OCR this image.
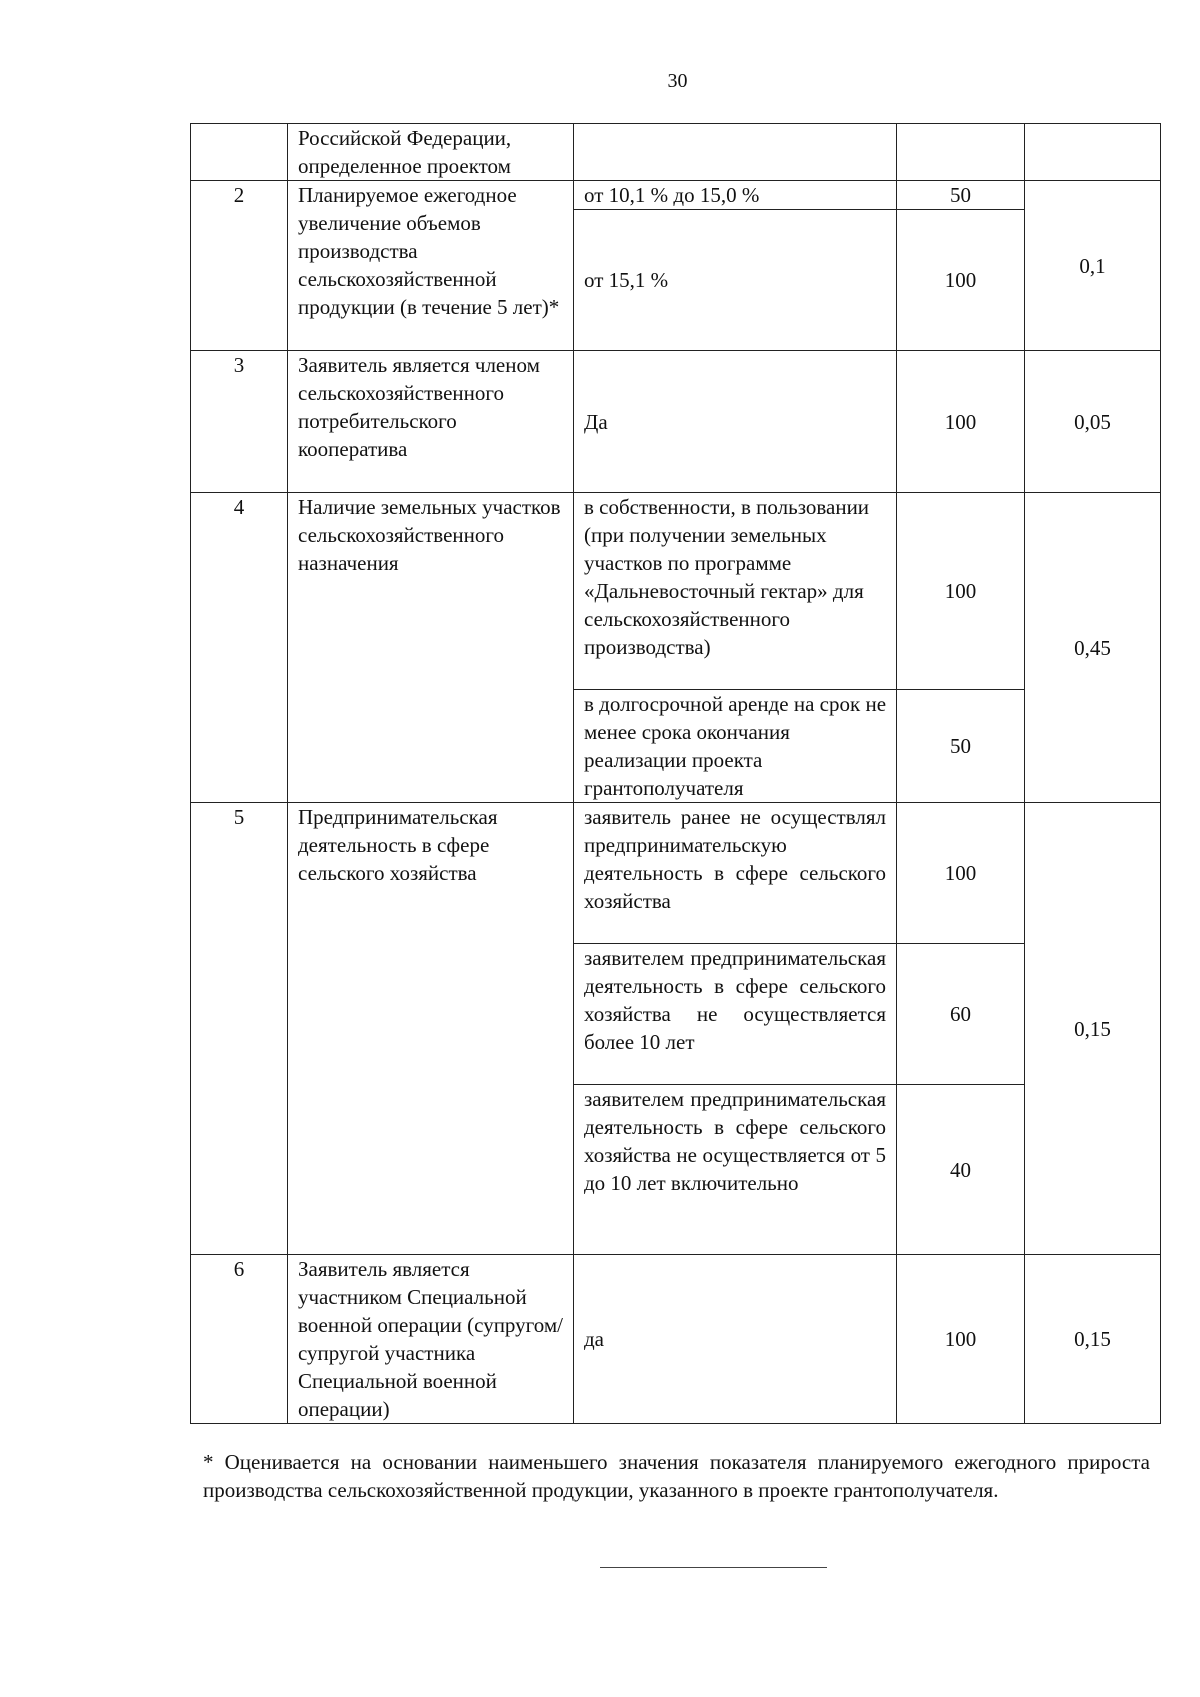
30
	Российской Федерации, определенное проектом			
2	Планируемое ежегодное увеличение объемов производства сельскохозяйственной продукции (в течение 5 лет)*	от 10,1 % до 15,0 %	50	0,1
		от 15,1 %	100	
3	Заявитель является членом сельскохозяйственного потребительского кооператива	Да	100	0,05
4	Наличие земельных участков сельскохозяйственного назначения	в собственности, в пользовании (при получении земельных участков по программе «Дальневосточный гектар» для сельскохозяйственного производства)	100	0,45
		в долгосрочной аренде на срок не менее срока окончания реализации проекта грантополучателя	50	
5	Предпринимательская деятельность в сфере сельского хозяйства	заявитель ранее не осуществлял предпринимательскую деятельность в сфере сельского хозяйства	100	0,15
		заявителем предпринимательская деятельность в сфере сельского хозяйства не осуществляется более 10 лет	60	
		заявителем предпринимательская деятельность в сфере сельского хозяйства не осуществляется от 5 до 10 лет включительно	40	
6	Заявитель является участником Специальной военной операции (супругом/супругой участника Специальной военной операции)	да	100	0,15
* Оценивается на основании наименьшего значения показателя планируемого ежегодного прироста производства сельскохозяйственной продукции, указанного в проекте грантополучателя.
